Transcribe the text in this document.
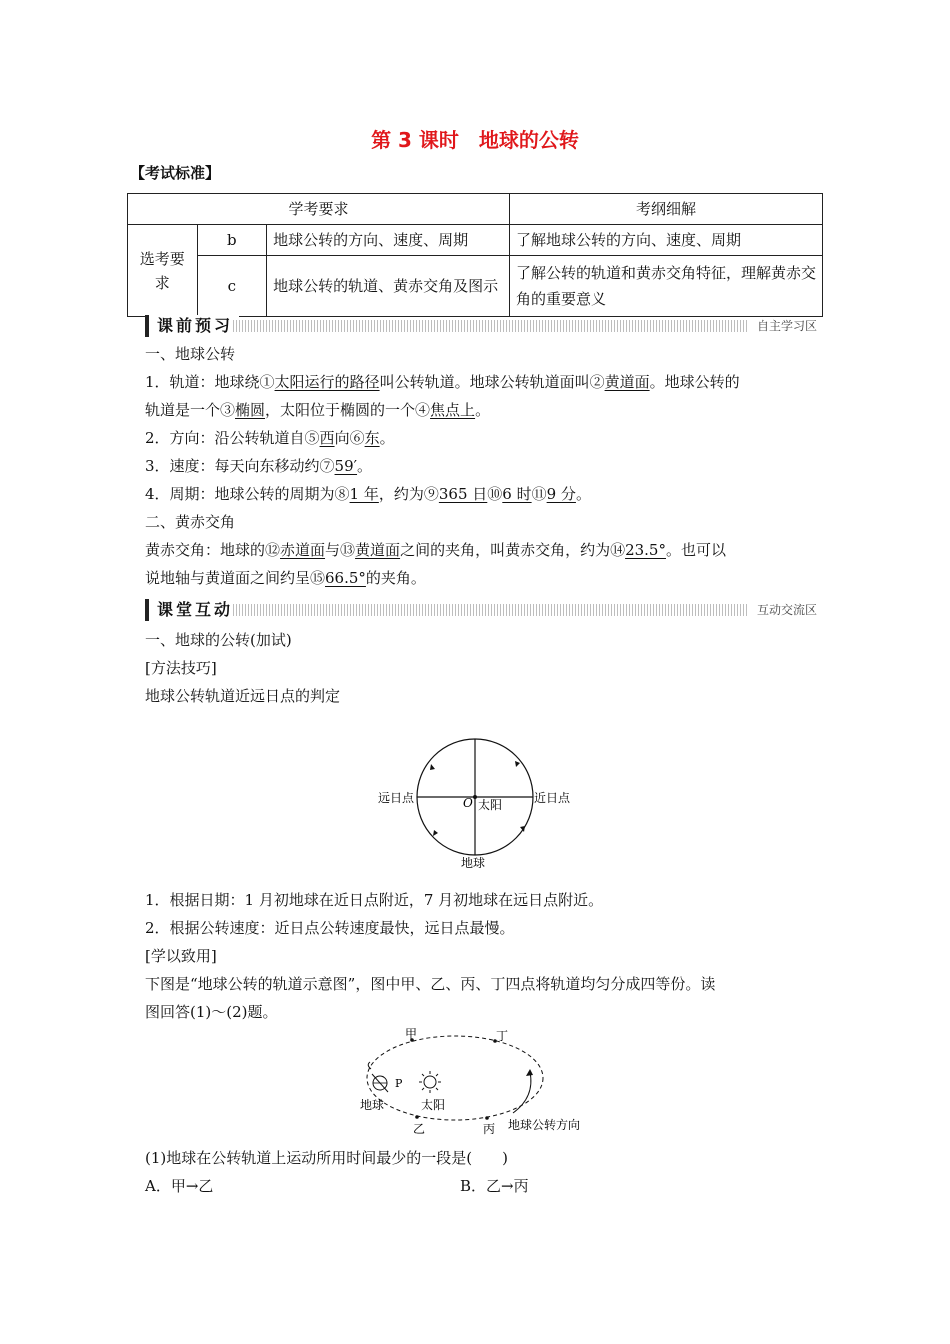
第 3 课时　地球的公转
【考试标准】
学考要求			考纲细解
选考要求	b	地球公转的方向、速度、周期	了解地球公转的方向、速度、周期
	c	地球公转的轨道、黄赤交角及图示	了解公转的轨道和黄赤交角特征，理解黄赤交角的重要意义
课前预习	自主学习区
一、地球公转
1．轨道：地球绕①太阳运行的路径叫公转轨道。地球公转轨道面叫②黄道面。地球公转的
轨道是一个③椭圆，太阳位于椭圆的一个④焦点上。
2．方向：沿公转轨道自⑤西向⑥东。
3．速度：每天向东移动约⑦59′。
4．周期：地球公转的周期为⑧1 年，约为⑨365 日⑩6 时⑪9 分。
二、黄赤交角
黄赤交角：地球的⑫赤道面与⑬黄道面之间的夹角，叫黄赤交角，约为⑭23.5°。也可以
说地轴与黄道面之间约呈⑮66.5°的夹角。
课堂互动	互动交流区
一、地球的公转(加试)
[方法技巧]
地球公转轨道近远日点的判定
远日点	近日点
O 太阳
地球
1．根据日期：1 月初地球在近日点附近，7 月初地球在远日点附近。
2．根据公转速度：近日点公转速度最快，远日点最慢。
[学以致用]
下图是“地球公转的轨道示意图”，图中甲、乙、丙、丁四点将轨道均匀分成四等份。读
图回答(1)～(2)题。
甲	丁
乙	丙
P
地球	太阳
地球公转方向
(1)地球在公转轨道上运动所用时间最少的一段是(　　)
A．甲→乙	B．乙→丙
